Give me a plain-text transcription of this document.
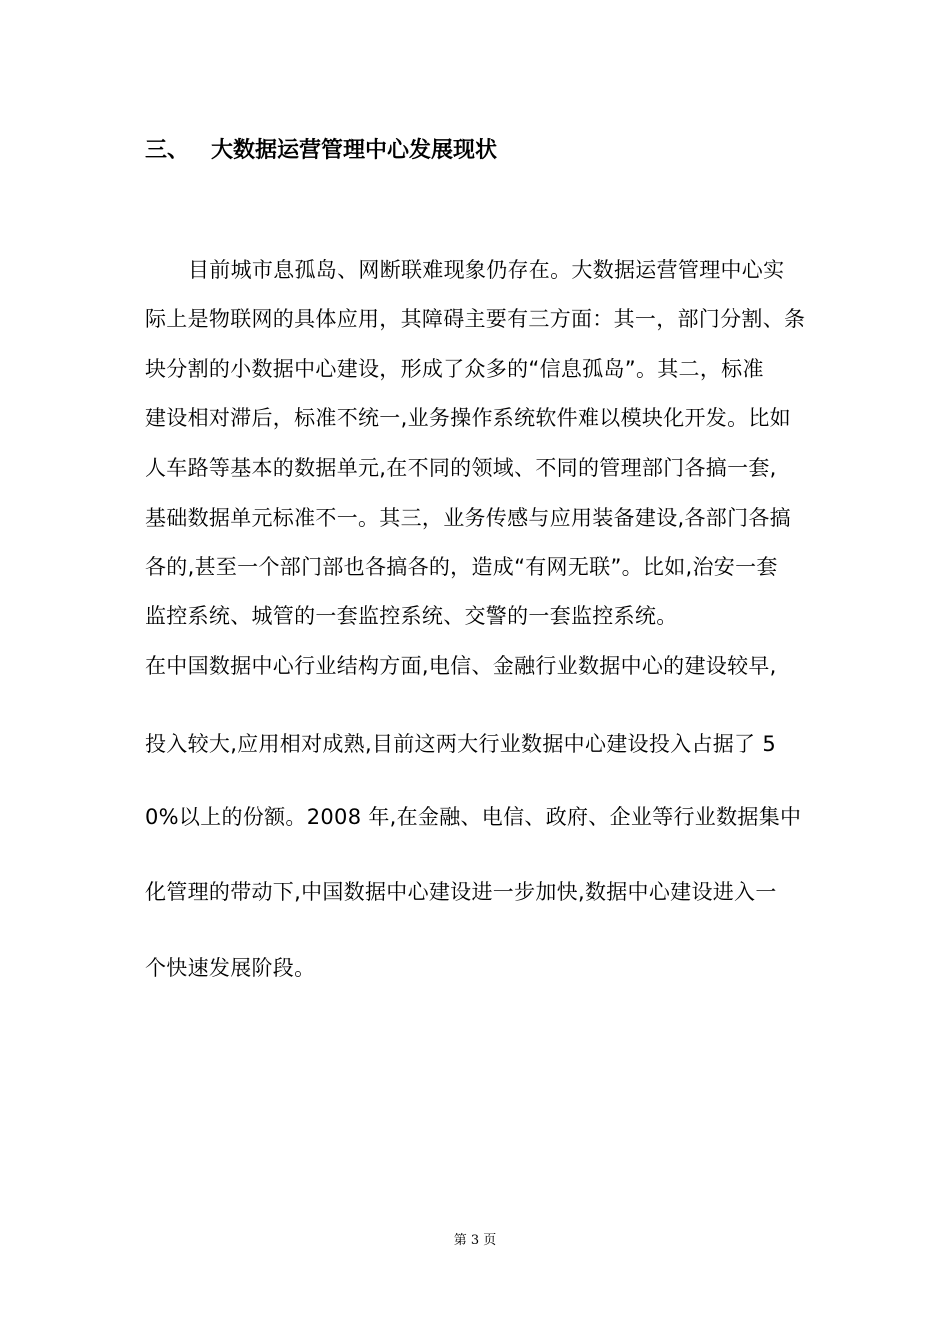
三、 大数据运营管理中心发展现状
目前城市息孤岛、网断联难现象仍存在。大数据运营管理中心实
际上是物联网的具体应用，其障碍主要有三方面：其一，部门分割、条
块分割的小数据中心建设，形成了众多的“信息孤岛”。其二，标准
建设相对滞后，标准不统一,业务操作系统软件难以模块化开发。比如
人车路等基本的数据单元,在不同的领域、不同的管理部门各搞一套,
基础数据单元标准不一。其三，业务传感与应用装备建设,各部门各搞
各的,甚至一个部门部也各搞各的，造成“有网无联”。比如,治安一套
监控系统、城管的一套监控系统、交警的一套监控系统。
在中国数据中心行业结构方面,电信、金融行业数据中心的建设较早,
投入较大,应用相对成熟,目前这两大行业数据中心建设投入占据了 5
0%以上的份额。2008 年,在金融、电信、政府、企业等行业数据集中
化管理的带动下,中国数据中心建设进一步加快,数据中心建设进入一
个快速发展阶段。
第 3 页
